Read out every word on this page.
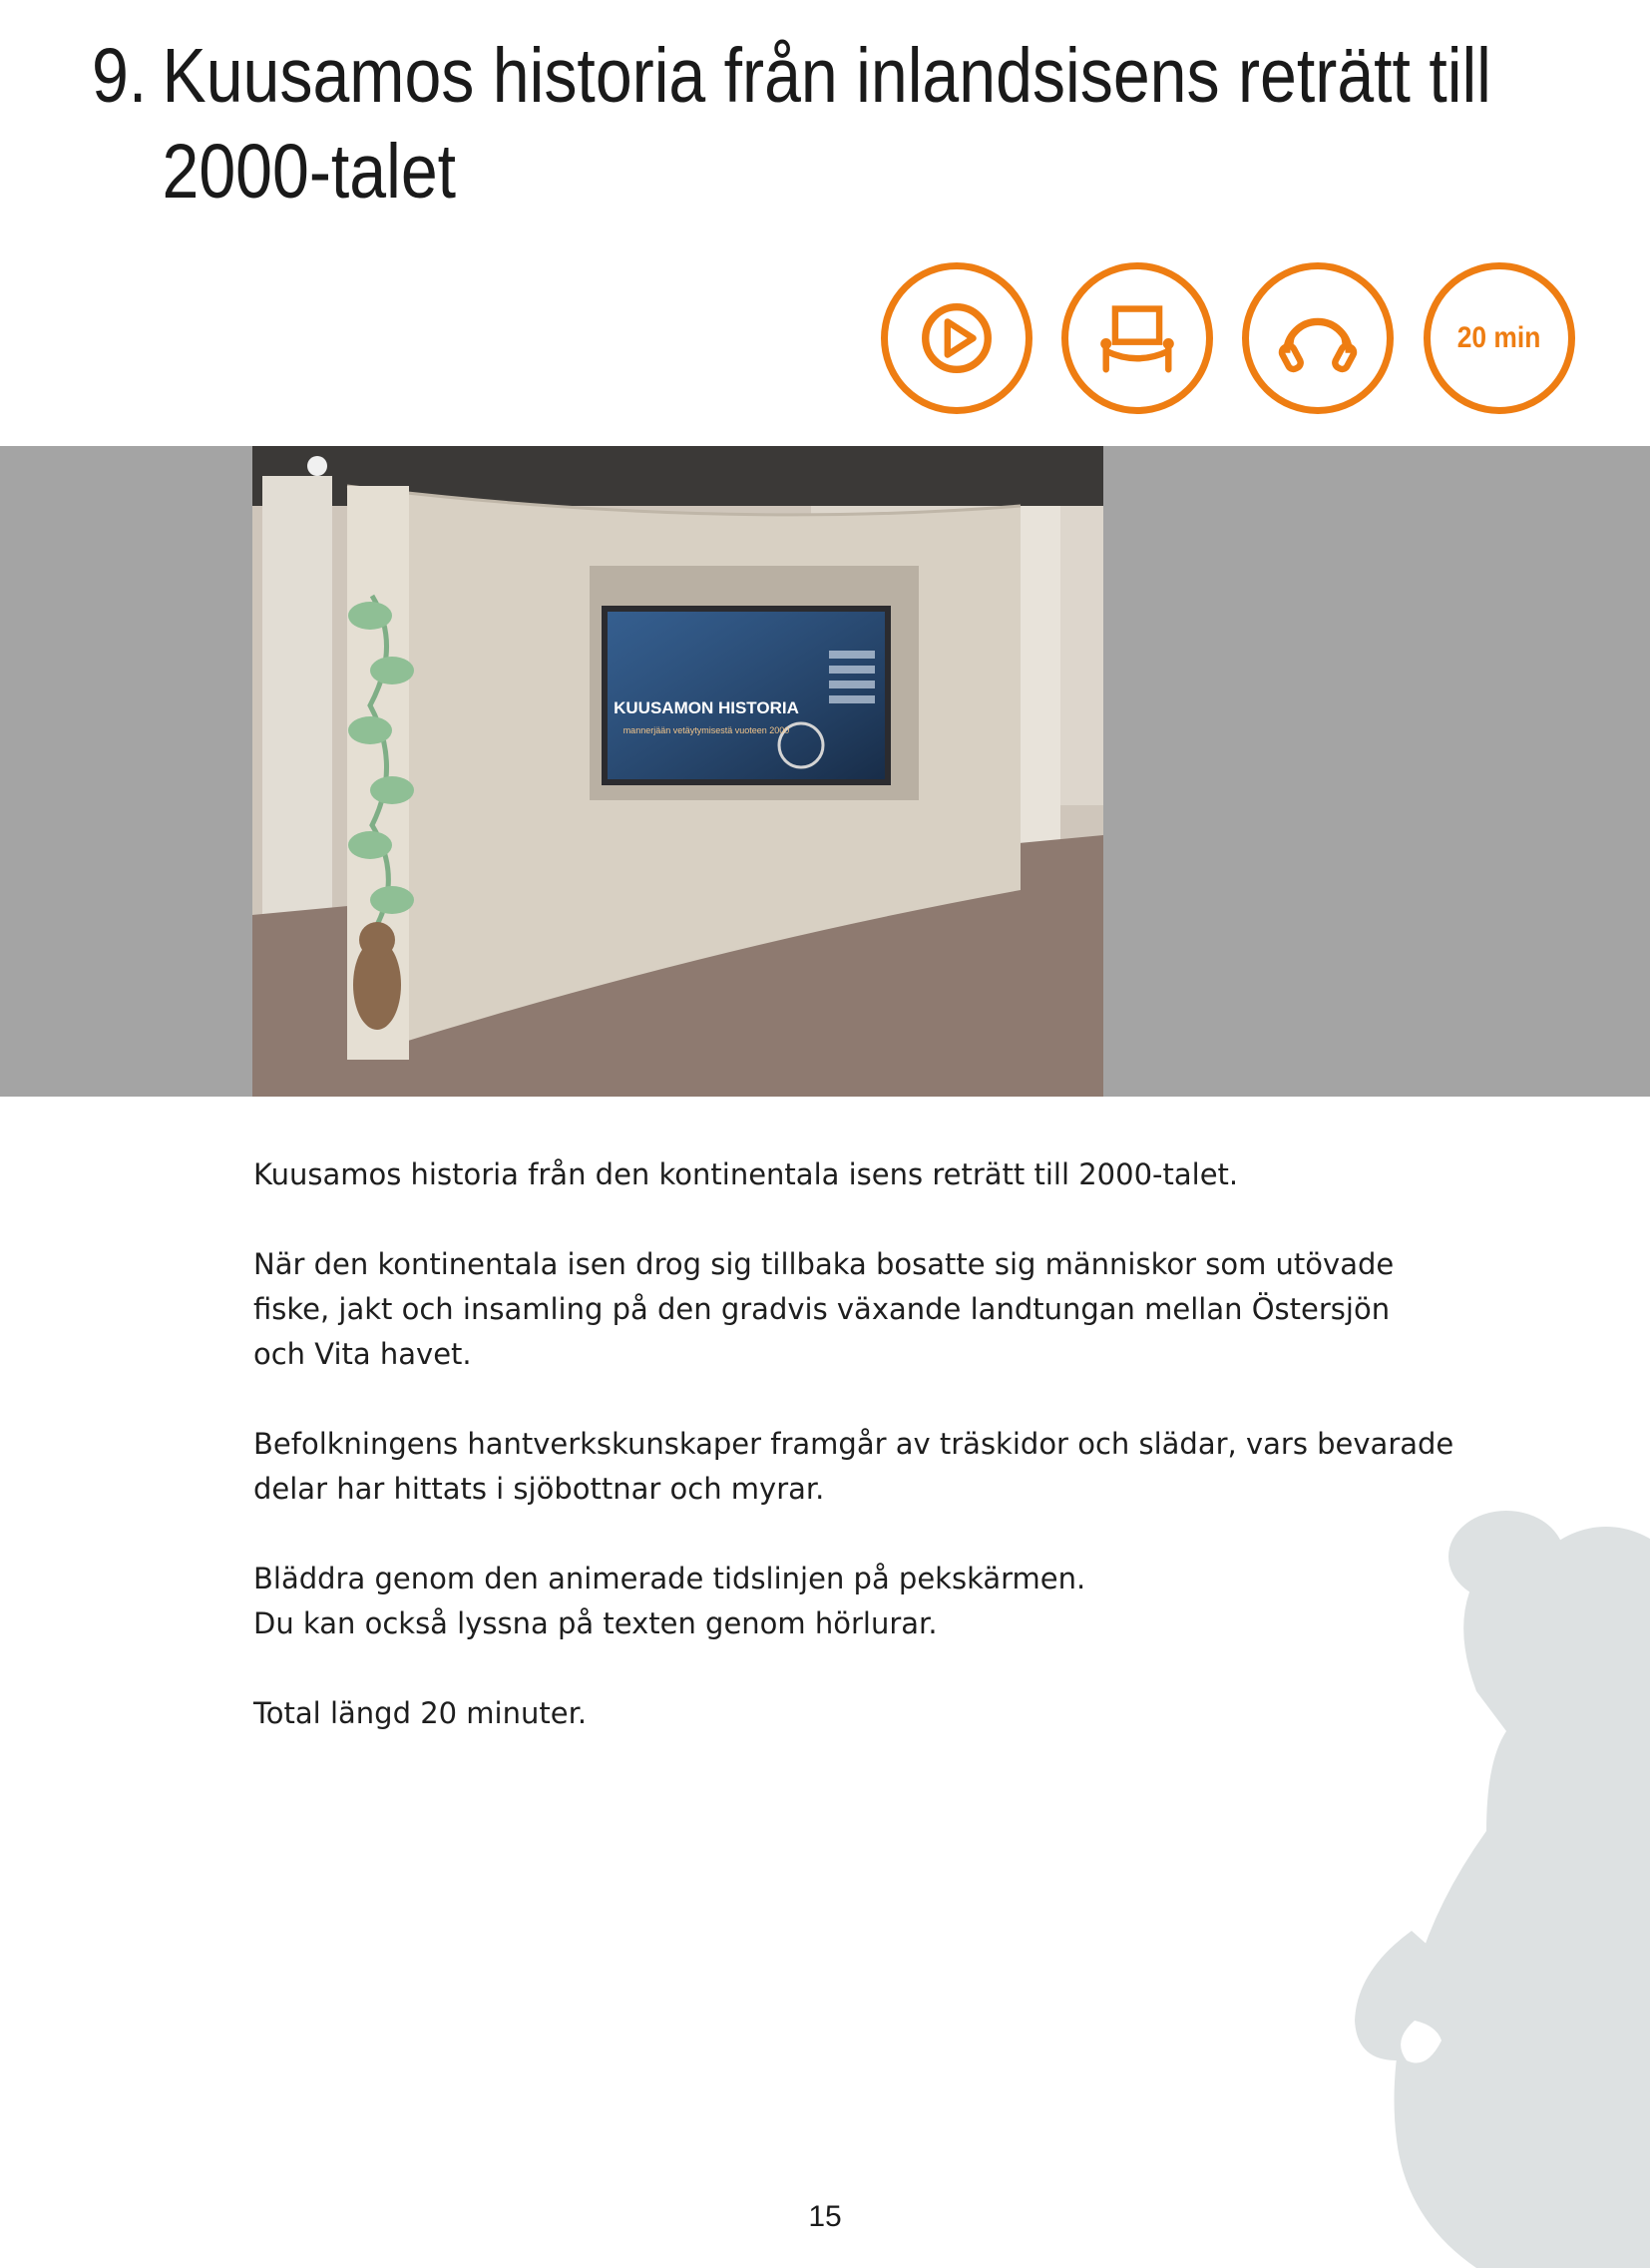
9. Kuusamos historia från inlandsisens reträtt till
2000-talet
20 min
KUUSAMON HISTORIA
mannerjään vetäytymisestä vuoteen 2000

Kuusamos historia från den kontinentala isens reträtt till 2000-talet.

När den kontinentala isen drog sig tillbaka bosatte sig människor som utövade
fiske, jakt och insamling på den gradvis växande landtungan mellan Östersjön
och Vita havet.

Befolkningens hantverkskunskaper framgår av träskidor och slädar, vars bevarade
delar har hittats i sjöbottnar och myrar.

Bläddra genom den animerade tidslinjen på pekskärmen.
Du kan också lyssna på texten genom hörlurar.

Total längd 20 minuter.

15
